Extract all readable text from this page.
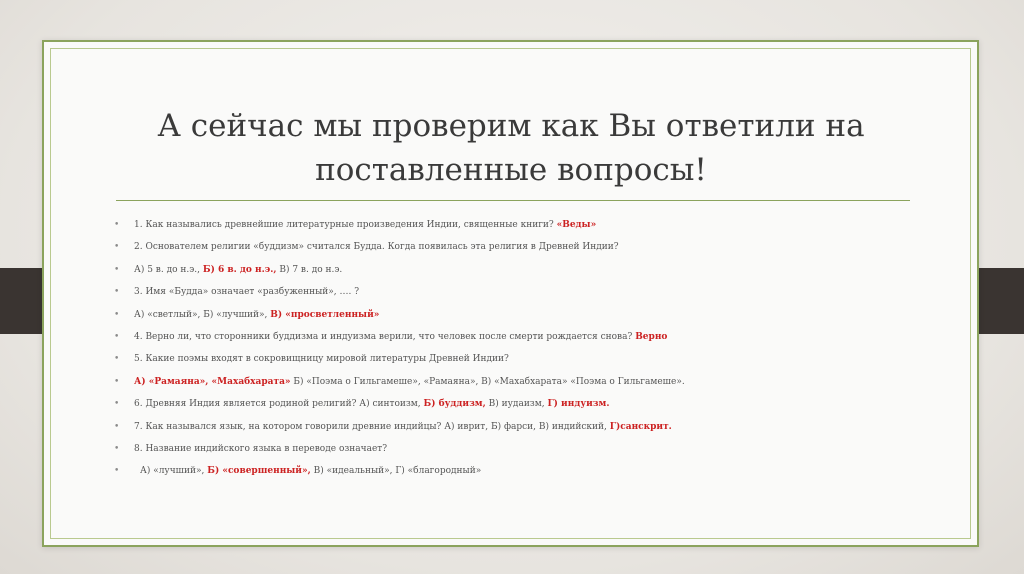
А сейчас мы проверим как Вы ответили на поставленные вопросы!
• 1. Как назывались древнейшие литературные произведения Индии, священные книги? «Веды»
• 2. Основателем религии «буддизм» считался Будда. Когда появилась эта религия в Древней Индии?
• А) 5 в. до н.э., Б) 6 в. до н.э., В) 7 в. до н.э.
• 3. Имя «Будда» означает «разбуженный», …. ?
• А) «светлый», Б) «лучший», В) «просветленный»
• 4. Верно ли, что сторонники буддизма и индуизма верили, что человек после смерти рождается снова? Верно
• 5. Какие поэмы входят в сокровищницу мировой литературы Древней Индии?
• А) «Рамаяна», «Махабхарата» Б) «Поэма о Гильгамеше», «Рамаяна», В) «Махабхарата» «Поэма о Гильгамеше».
• 6. Древняя Индия является родиной религий? А) синтоизм, Б) буддизм, В) иудаизм, Г) индуизм.
• 7. Как назывался язык, на котором говорили древние индийцы? А) иврит, Б) фарси, В) индийский, Г)санскрит.
• 8. Название индийского языка в переводе означает?
• А) «лучший», Б) «совершенный», В) «идеальный», Г) «благородный»
